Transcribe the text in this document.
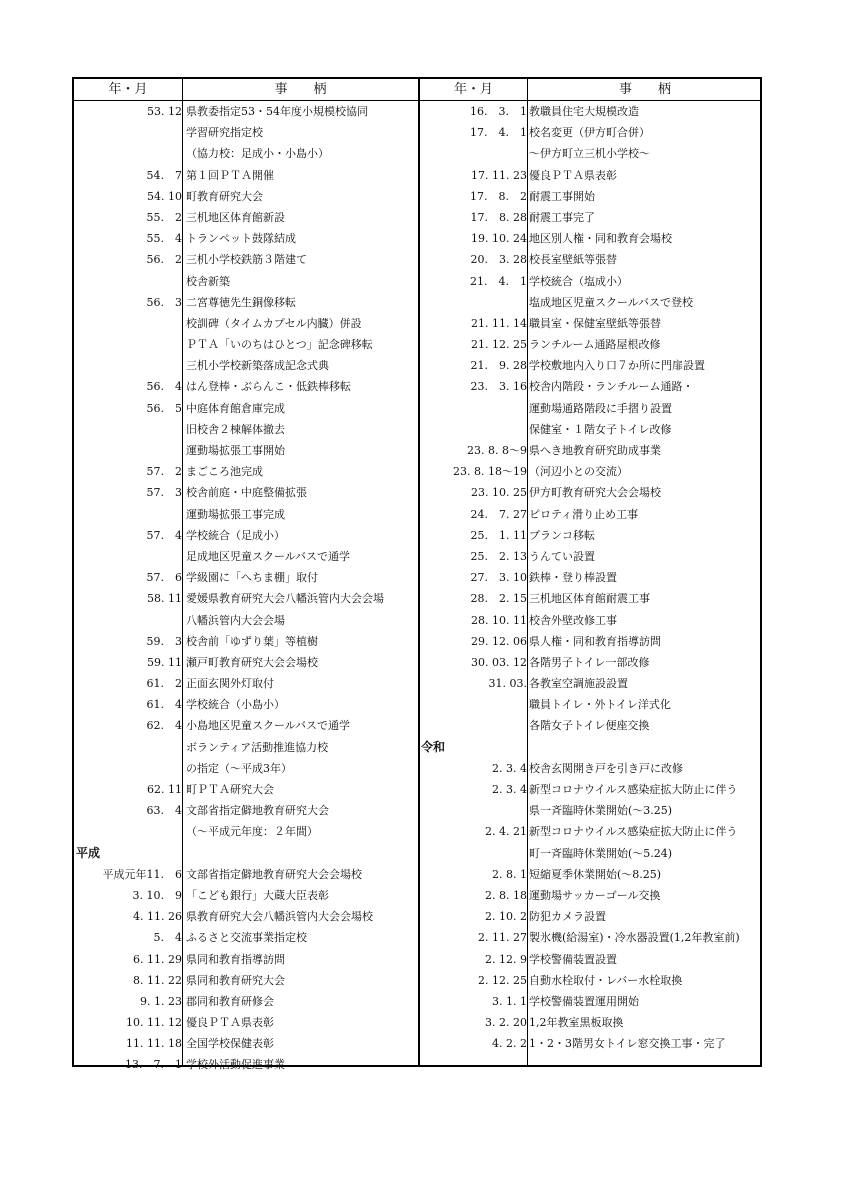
年・月	事　　柄	年・月	事　　柄
53. 12 県教委指定53・54年度小規模校協同
学習研究指定校
（協力校：足成小・小島小）
54.　7 第１回ＰＴＡ開催
54. 10 町教育研究大会
55.　2 三机地区体育館新設
55.　4 トランペット鼓隊結成
56.　2 三机小学校鉄筋３階建て
校舎新築
56.　3 二宮尊徳先生銅像移転
校訓碑（タイムカプセル内臓）併設
ＰＴＡ「いのちはひとつ」記念碑移転
三机小学校新築落成記念式典
56.　4 はん登棒・ぶらんこ・低鉄棒移転
56.　5 中庭体育館倉庫完成
旧校舎２棟解体撤去
運動場拡張工事開始
57.　2 まごころ池完成
57.　3 校舎前庭・中庭整備拡張
運動場拡張工事完成
57.　4 学校統合（足成小）
足成地区児童スクールバスで通学
57.　6 学級園に「へちま棚」取付
58. 11 愛媛県教育研究大会八幡浜管内大会会場
八幡浜管内大会会場
59.　3 校舎前「ゆずり葉」等植樹
59. 11 瀬戸町教育研究大会会場校
61.　2 正面玄関外灯取付
61.　4 学校統合（小島小）
62.　4 小島地区児童スクールバスで通学
ボランティア活動推進協力校
の指定（～平成3年）
62. 11 町ＰＴＡ研究大会
63.　4 文部省指定僻地教育研究大会
（～平成元年度：２年間）
平成
平成元年11.　6 文部省指定僻地教育研究大会会場校
3. 10.　9 「こども銀行」大蔵大臣表彰
4. 11. 26 県教育研究大会八幡浜管内大会会場校
5.　4 ふるさと交流事業指定校
6. 11. 29 県同和教育指導訪問
8. 11. 22 県同和教育研究大会
9. 1. 23 郡同和教育研修会
10. 11. 12 優良ＰＴＡ県表彰
11. 11. 18 全国学校保健表彰
13.　7.　1 学校外活動促進事業
16.　3.　1 教職員住宅大規模改造
17.　4.　1 校名変更（伊方町合併）
～伊方町立三机小学校～
17. 11. 23 優良ＰＴＡ県表彰
17.　8.　2 耐震工事開始
17.　8. 28 耐震工事完了
19. 10. 24 地区別人権・同和教育会場校
20.　3. 28 校長室壁紙等張替
21.　4.　1 学校統合（塩成小）
塩成地区児童スクールバスで登校
21. 11. 14 職員室・保健室壁紙等張替
21. 12. 25 ランチルーム通路屋根改修
21.　9. 28 学校敷地内入り口７か所に門扉設置
23.　3. 16 校舎内階段・ランチルーム通路・
運動場通路階段に手摺り設置
保健室・１階女子トイレ改修
23. 8. 8～9 県へき地教育研究助成事業
23. 8. 18～19 （河辺小との交流）
23. 10. 25 伊方町教育研究大会会場校
24.　7. 27 ピロティ滑り止め工事
25.　1. 11 ブランコ移転
25.　2. 13 うんてい設置
27.　3. 10 鉄棒・登り棒設置
28.　2. 15 三机地区体育館耐震工事
28. 10. 11 校舎外壁改修工事
29. 12. 06 県人権・同和教育指導訪問
30. 03. 12 各階男子トイレ一部改修
31. 03. 各教室空調施設設置
職員トイレ・外トイレ洋式化
各階女子トイレ便座交換
令和
2. 3. 4 校舎玄関開き戸を引き戸に改修
2. 3. 4 新型コロナウイルス感染症拡大防止に伴う
県一斉臨時休業開始(～3.25)
2. 4. 21 新型コロナウイルス感染症拡大防止に伴う
町一斉臨時休業開始(～5.24)
2. 8. 1 短縮夏季休業開始(～8.25)
2. 8. 18 運動場サッカーゴール交換
2. 10. 2 防犯カメラ設置
2. 11. 27 製氷機(給湯室)・冷水器設置(1,2年教室前)
2. 12. 9 学校警備装置設置
2. 12. 25 自動水栓取付・レバー水栓取換
3. 1. 1 学校警備装置運用開始
3. 2. 20 1,2年教室黒板取換
4. 2. 2 1・2・3階男女トイレ窓交換工事・完了
